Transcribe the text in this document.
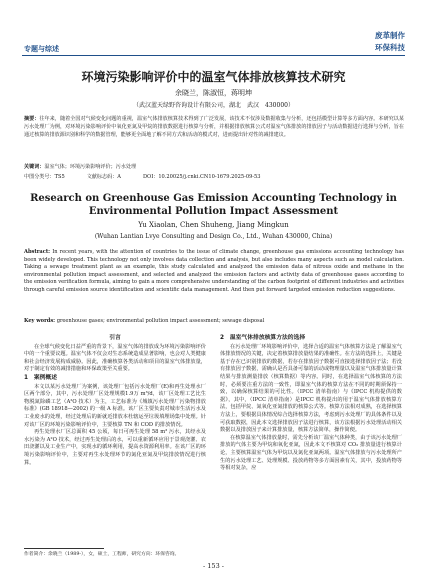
专题与综述
废革制作
环保科技
环境污染影响评价中的温室气体排放核算技术研究
余晓兰，陈淑恒，蒋明坤
（武汉蓝天绿野咨询设计有限公司，湖北　武汉　430000）
摘要：往年来，随着全国对气候变化问题的重视，温室气体排放核算技术得到了广泛发展，该技术不仅涉及数据收集与分析，还包括模型计算等多方面内容。本研究以某污水处理厂为例，对环境污染影响评价中氧化亚氮及甲烷的排放数据进行核算与分析，并根据排放核算公式对温室气体排放的排放因子与活动数据进行选择与分析，旨在通过核算的排放源识别和科学的数据管理，能够更全面地了解不同方式和活动的模式对，进而提出针对性的减排建议。
关键词：温室气体；环境污染影响评价；污水处理
中图分类号：TS5	文献标志码：A	DOI：10.20025/j.cnki.CN10-1679.2025-09-53
Research on Greenhouse Gas Emission Accounting Technology in Environmental Pollution Impact Assessment
Yu Xiaolan, Chen Shuheng, Jiang Mingkun
(Wuhan Lantian Lvye Consulting and Design Co., Ltd., Wuhan 430000, China)
Abstract: In recent years, with the attention of countries to the issue of climate change, greenhouse gas emissions accounting technology has been widely developed. This technology not only involves data collection and analysis, but also includes many aspects such as model calculation. Taking a sewage treatment plant as an example, this study calculated and analyzed the emission data of nitrous oxide and methane in the environmental pollution impact assessment, and selected and analyzed the emission factors and activity data of greenhouse gases according to the emission verification formula, aiming to gain a more comprehensive understanding of the carbon footprint of different industries and activities through careful emission source identification and scientific data management. And then put forward targeted emission reduction suggestions.
Key words: greenhouse gases; environmental pollution impact assessment; sewage disposal
引言

在全球气候变化日益严重的背景下，温室气体的排放成为环境污染影响评价中的一个重要议题。温室气体不仅会对生态系统造成显著影响，也会对人类健康和社会经济发展构成威胁。因此，准确核算各类活动和项目的温室气体排放量，对于制定有效的减排措施和环保政策至关重要。

1　案例概述

本文以某污水处理厂为案例，该处理厂包括污水处理厂(E)和再生处理水厂区两个部分，其中，污水处理厂区处理规模1.9万 m³/d，该厂区处理工艺比生物脱氮除磷工艺（A²O 技术）为主，工艺标准为《城镇污水处理厂污染物排放标准》(GB 18918—2002) 的一级 A 标准。该厂区主要负责对城市生活污水及工业废水的处理，经过处理后的新就近排放本杜辖运至垃圾填埋场集中处理。针对该厂区的环境污染影响评价中，主要核算 TN 和 COD 的排放情况。

再生处理水厂区总面积 45 公顷，每日可再生处理 58 m³ 污水，其经水及水污染为 A²O 技术，经过再生处理后的水，可以重新循环应用于景观浇灌、农田浇灌以及工业生产中，实现水的循环利用，提高水资源利用率。在该厂区的环境污染影响评价中，主要对再生水处理环节的氮化亚氮及甲烷排放情况进行核算。

2　温室气体排放核算方法的选择

在污水处理厂环境影响评价中，选择合适的温室气体核算方法是了解温室气体排放情况的关键，决定着核算排放量结果的准确性。在方法的选择上，关键是基于存在已识别排放的数据，若存在排放因子数据可直接选择排放因子法；若没有排放因子数据，需确认是否具备可靠的活动或物理量以及温室气体排放量计算结果与排放测量排放（核算数据）等内容。同时，在选择温室气体核算的方法时，必须要注重方法的一致性，即温室气体的核算方法在不同的时期须保持一致，以确保核算结果的可比性。（IPCC 清单指南）与《IPCC 机构提供的数据》，其中，（IPCC 清单指南）是IPCC 机构提出的用于温室气体排放核算方法，包括甲烷、氮氧化亚氮排放的核算公式等。核算方法相对成熟，在选择核算方法上，要根据具体情况综合选择核算方法，考虑到污水处理厂的具体条件以及可获取数据，因此本文选择排放因子法进行核算，该方法根据污水处理活动相关数据以及排放因子来计算排放量，核算方法简单，操作简便。

在核算温室气体排放量时，需先分析该厂温室气体种类，由于该污水处理厂排放的气体主要为甲烷和氧化亚氮，因此本文不核算对 CO₂ 排放量进行核算计论，主要核算温室气体为甲烷以及氮化亚氮两项。温室气体排放与污水处理所产生的污水处理工艺、处理规模、投放药物等多方面因素有关，其中，投放药物等等相对复杂，应

作者简介：余晓兰（1989-），女，硕士，工程师，研究方向：环保咨询。
- 153 -
